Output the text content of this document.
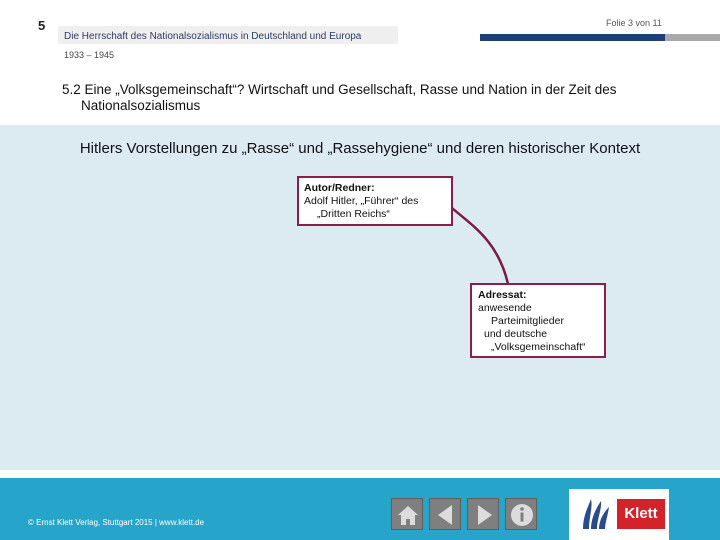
5	Folie 3 von 11
Die Herrschaft des Nationalsozialismus in Deutschland und Europa
1933 – 1945
5.2 Eine „Volksgemeinschaft“? Wirtschaft und Gesellschaft, Rasse und Nation in der Zeit des
Nationalsozialismus
Hitlers Vorstellungen zu „Rasse“ und „Rassehygiene“ und deren historischer Kontext
Autor/Redner:
Adolf Hitler, „Führer“ des
„Dritten Reichs“
Adressat:
anwesende
Parteimitglieder
und deutsche
„Volksgemeinschaft“
© Ernst Klett Verlag, Stuttgart 2015 | www.klett.de
Klett
